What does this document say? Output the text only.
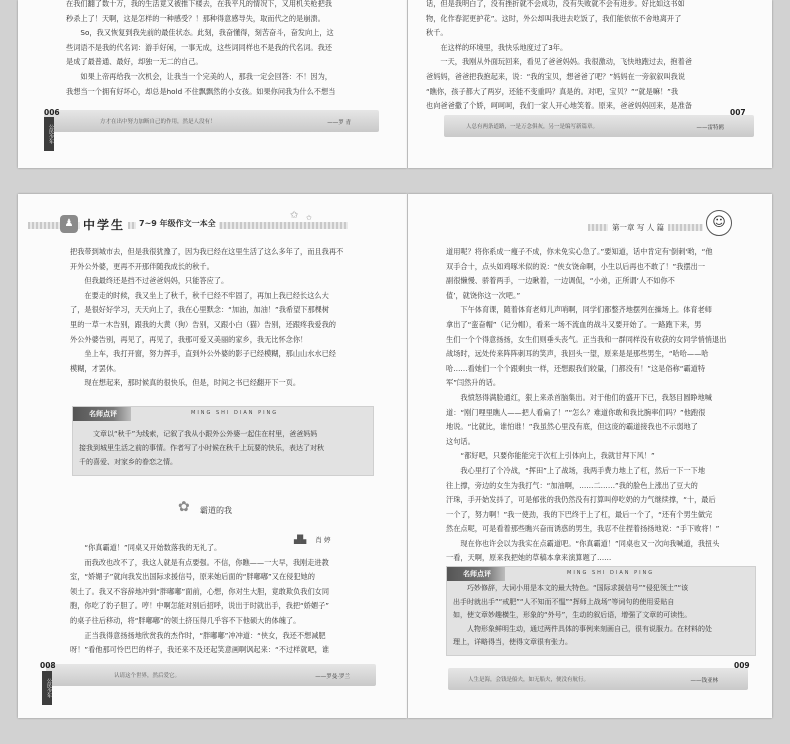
在我们翻了数十万，我的生活竟又被推下楼去，在我平凡的情况下，又用机关枪把我

秒杀上了！天啊，这是怎样的一种感受？！那种得意感导失，取而代之的是崩溃。

So，我又恢复到我先前的最佳状态。此刻，我奋懂得，刻苦奋斗，奋发向上，这

些词语不是我的代名词：游手好闲，一事无成，这些词同样也不是我的代名词。我还

是成了最普通、最好，却独一无二的自己。

如果上帝再给我一次机会，让我当一个完美的人，那我一定会回答：不！因为，

我想当一个拥有好坏心，却总是hold 不住飘飘然的小女孩。如果你问我为什么不想当

方才在出中努力加断自己的作用，然是人没有！	——罗 青
006
公民少年

话，但是我明白了，没有挫折就不会成功，没有失败就不会有进步。好比如这书如

物，化作春泥更护花”。这时，外公却叫我进去吃饭了，我们能依依不舍地离开了

秋千。

在这样的环境里，我快乐地度过了3年。

一天，我刚从外面玩回来，看见了爸爸妈妈。我很激动，飞快地跑过去，抱着爸

爸妈妈，爸爸把我抱起来，说：“我的宝贝，想爸爸了吧？”妈妈在一旁叙叙叫我说

“瞧你，孩子都大了两岁，还能不变重吗？真是的。对吧，宝贝？”“就是嘛！”我

也向爸爸撒了个娇，呵呵呵，我们一家人开心地笑着。原来，爸爸妈妈回来，是准备

人总有两条道路，一是万念俱灰，另一是编写新篇章。	——雷特鸥
007
♟ 中学生	7~9 年级作文一本全
✩ ✩

把我带到城市去，但是我很犹豫了，因为我已经在这里生活了这么多年了，而且我再不

开外公外婆，更再不开那伴随我成长的秋千。

但我最终还是挡不过爸爸妈妈，只能答应了。

在要走的时候，我又坐上了秋千，秋千已经不牢固了，再加上我已经长这么大

了，是很好好学习，天天向上了，我在心里默念：“加油，加油！”我希望下那棵树

里的一草一木告别，跟我的大黄（狗）告别，又跟小白（猫）告别，还跟疼我爱我的

外公外婆告别，再见了，再见了，我那可爱又美丽的家乡，我无比怀念你！

坐上车，我打开窗，努力挥手，直到外公外婆的影子已经模糊，那山山水水已经

模糊，才罢休。

现在想起来，那时候真的很快乐，但是，时间之书已经翻开下一页。

名师点评	MING SHI DIAN PING

文章以“秋千”为线索，记叙了我从小跟外公外婆一起住在村里，爸爸妈妈

接我到城里生活之前的事情。作者写了小时候在秋千上玩要的快乐，表达了对秋

千的喜爱、对家乡的眷恋之情。

✿ 霸道的我
▟▙ 肖 婷

“你真霸道！”同桌又开始数落我的无礼了。

而我改也改不了，我这人就是有点要强。不信，你瞧——一大早，我刚走进教

室，“娇媚子”就向我发出国际求援信号，原来她后面的“胖嘟嘟”又在侵犯她的

领土了。我又不容辞地冲到“胖嘟嘟”面前，心想，你对生大胆，竟敢欺负我们女同

胞，你吃了豹子胆了。哼！中啊怎能对别后招呼，说出于时就出手，我把“娇媚子”

的桌子往后移动，将“胖嘟嘟”的领土挤压得几乎容不下他硕大的体魄了。

正当我得意扬扬地欣赏我的杰作时，“胖嘟嘟”冲冲道：“侠女，我还不想减肥

呀！”看他那可怜巴巴的样子，我还来不及还起笑意画啊讽起来：“不过样就吧，谁

认请这个世界，然后爱它。	——罗曼·罗兰
008
公民少年
第一章 写 人 篇	☺

道用呢？将你系成一瘦子不成，你未免实心急了。”要知道，话中肯定有'倒刺'哟，“他

双手合十，点头如鸡啄米似的说：“侠女饶命啊，小生以后再也不敢了！”我摆出一

副很懒慢、骄着两手，一边瞅着，一边调侃，“小弟，正所谓‘人不如你不

值’，就饶你这一次吧。”

下午体育课，随着体育老师儿声哨啊，同学们都整齐地摆列在操场上。体育老师

拿出了“蛮奋帽”（记分帽），看来一场不流血的战斗又要开始了。一路跑下来，男

生们一个个得意扬扬，女生们则垂头丧气。正当我和一群同样没有收获的女同学悄悄退出

战场时，远处传来阵阵刺耳的笑声，我回头一望，原来是是那些男生，“哈哈——哈

哈……看她们一个个跟剩虫一样，还想跟我们较量，门都没有！”这是俗称“霸道特

军”闫然升的话。

我愤怒得满脸通红，狠上来杀首脑集出。对于他们的盛开下已，我怒目圆睁地喊

道：“刚门哩里瞧人——把人看扁了！”“怎么？难道你敢和我比腕率们吗？”他跑很

地说。“比就比，谁怕谁！”我虽然心里没有底，但这庞的霸道接我也不示弱地了

这句话。

“都好吧，只要你能能完于次杠上引体向上，我就甘拜下风！”

我心里打了个冷战，“挥田”上了战场，我两手费力地上了杠，然后一下一下地

往上撑，旁边的女生为我打气：“加油啊，……二……”我的脸色上涨出了豆大的

汗珠，手开始发抖了，可是郁张的我仍然没有打算叫停吃奶的力气继续撑，“十，最后

一个了，努力啊！”我一使劲，我的下巴终于上了杠，最后一个了，“还有个男生做完

然在点呢，可是看着那些瞧兴奋而诱惑的男生，我忍不住捏着扬扬地说：“手下败将！”

现在你也许会以为我实在点霸道吧。“你真霸道！”同桌也又一次向我喊道，我扭头

一看，天啊，原来我把她的草稿本拿来演算题了……

名师点评	MING SHI DIAN PING

巧妙修辞，大词小用是本文的最大特色。“国际求援信号”“侵犯领土”“该

出手时就出手”“戒肥”“人不知而不愠”“挥师上战场”等词句的使用妥贴自

如，使文章妙趣横生，形象的“外号”，生动的叙后语，增强了文章的可读性。

人物形象鲜明生动，通过两件具体的事例来刻画自己，很有说服力。在材料的处

理上，详略得当，使得文章很有张力。

人生是海，会钱是船夫，如无船夫，便没有航行。	——钱亚林
009
